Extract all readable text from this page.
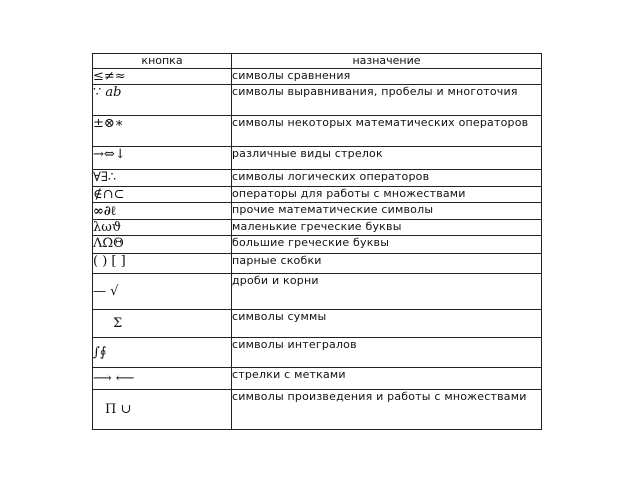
кнопка	назначение
≤≠≈	символы сравнения
∵ 𝑎𝑏	символы выравнивания, пробелы и многоточия
±⊗∗	символы некоторых математических операторов
→⇔↓	различные виды стрелок
∀∃∴	символы логических операторов
∉∩⊂	операторы для работы с множествами
∞∂ℓ	прочие математические символы
λωϑ	маленькие греческие буквы
ΛΩΘ	большие греческие буквы
( ) [ ]	парные скобки
— √	дроби и корни
Σ	символы суммы
∫∮	символы интегралов
⟶ ⟵	стрелки с метками
Π ∪	символы произведения и работы с множествами
